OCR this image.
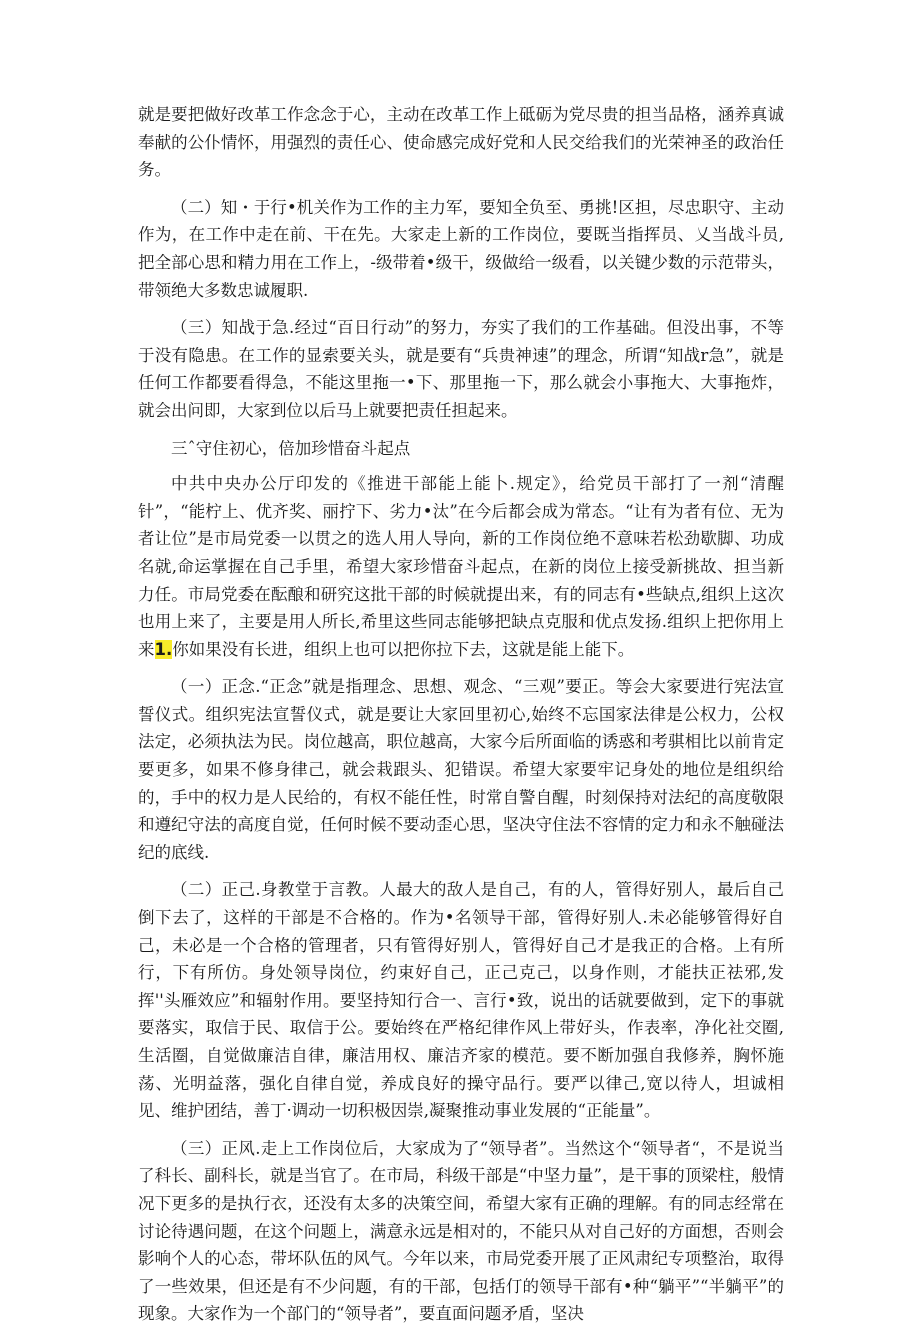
就是要把做好改革工作念念于心，主动在改革工作上砥砺为党尽贵的担当品格，涵养真诚奉献的公仆情怀，用强烈的责任心、使命感完成好党和人民交给我们的光荣神圣的政治任务。

（二）知・于行•机关作为工作的主力军，要知全负至、勇挑!区担，尽忠职守、主动作为，在工作中走在前、干在先。大家走上新的工作岗位，要既当指挥员、乂当战斗员,把全部心思和精力用在工作上，-级带着•级干，级做给一级看，以关键少数的示范带头，带领绝大多数忠诚履职.

（三）知战于急.经过“百日行动”的努力，夯实了我们的工作基础。但没出事，不等于没有隐患。在工作的显索要关头，就是要有“兵贵神速”的理念，所谓“知战r急”，就是任何工作都要看得急，不能这里拖一•下、那里拖一下，那么就会小事拖大、大事拖炸，就会出问即，大家到位以后马上就要把责任担起来。

三ˆ守住初心，倍加珍惜奋斗起点

中共中央办公厅印发的《推进干部能上能卜.规定》，给党员干部打了一剂“清醒针”，“能柠上、优齐奖、丽拧下、劣力•汰”在今后都会成为常态。“让有为者有位、无为者让位”是市局党委一以贯之的选人用人导向，新的工作岗位绝不意味若松劲歇脚、功成名就,命运掌握在自己手里，希望大家珍惜奋斗起点，在新的岗位上接受新挑故、担当新力任。市局党委在酝酿和研究这批干部的时候就提出来，有的同志有•些缺点,组织上这次也用上来了，主要是用人所长,希里这些同志能够把缺点克服和优点发扬.组织上把你用上来1.你如果没有长进，组织上也可以把你拉下去，这就是能上能下。

（一）正念.“正念”就是指理念、思想、观念、“三观”要正。等会大家要进行宪法宣誓仪式。组织宪法宣誓仪式，就是要让大家回里初心,始终不忘国家法律是公权力，公权法定，必须执法为民。岗位越高，职位越高，大家今后所面临的诱惑和考骐相比以前肯定要更多，如果不修身律己，就会栽跟头、犯错误。希望大家要牢记身处的地位是组织给的，手中的权力是人民给的，有权不能任性，时常自警自醒，时刻保持对法纪的高度敬限和遵纪守法的高度自觉，任何时候不要动歪心思，坚决守住法不容情的定力和永不触碰法纪的底线.

（二）正己.身教堂于言教。人最大的敌人是自己，有的人，管得好别人，最后自己倒下去了，这样的干部是不合格的。作为•名领导干部，管得好别人.未必能够管得好自己，未必是一个合格的管理者，只有管得好别人，管得好自己才是我正的合格。上有所行，下有所仿。身处领导岗位，约束好自己，正己克己，以身作则，才能扶正祛邪,发挥''头雁效应”和辐射作用。要坚持知行合一、言行•致，说出的话就要做到，定下的事就要落实，取信于民、取信于公。要始终在严格纪律作风上带好头，作表率，净化社交圈,生活圈，自觉做廉洁自律，廉洁用权、廉洁齐家的模范。要不断加强自我修养，胸怀施荡、光明益落，强化自律自觉，养成良好的操守品行。要严以律己,宽以待人，坦诚相见、维护团结，善丁·调动一切积极因崇,凝聚推动事业发展的“正能量”。

（三）正风.走上工作岗位后，大家成为了“领导者”。当然这个“领导者“，不是说当了科长、副科长，就是当官了。在市局，科级干部是“中坚力量”，是干事的顶梁柱，般情况下更多的是执行衣，还没有太多的决策空间，希望大家有正确的理解。有的同志经常在讨论待遇问题，在这个问题上，满意永远是相对的，不能只从对自己好的方面想，否则会影响个人的心态，带坏队伍的风气。今年以来，市局党委开展了正风肃纪专项整治，取得了一些效果，但还是有不少问题，有的干部，包括仃的领导干部有•种“躺平”“半躺平”的现象。大家作为一个部门的“领导者”，要直面问题矛盾，坚决
